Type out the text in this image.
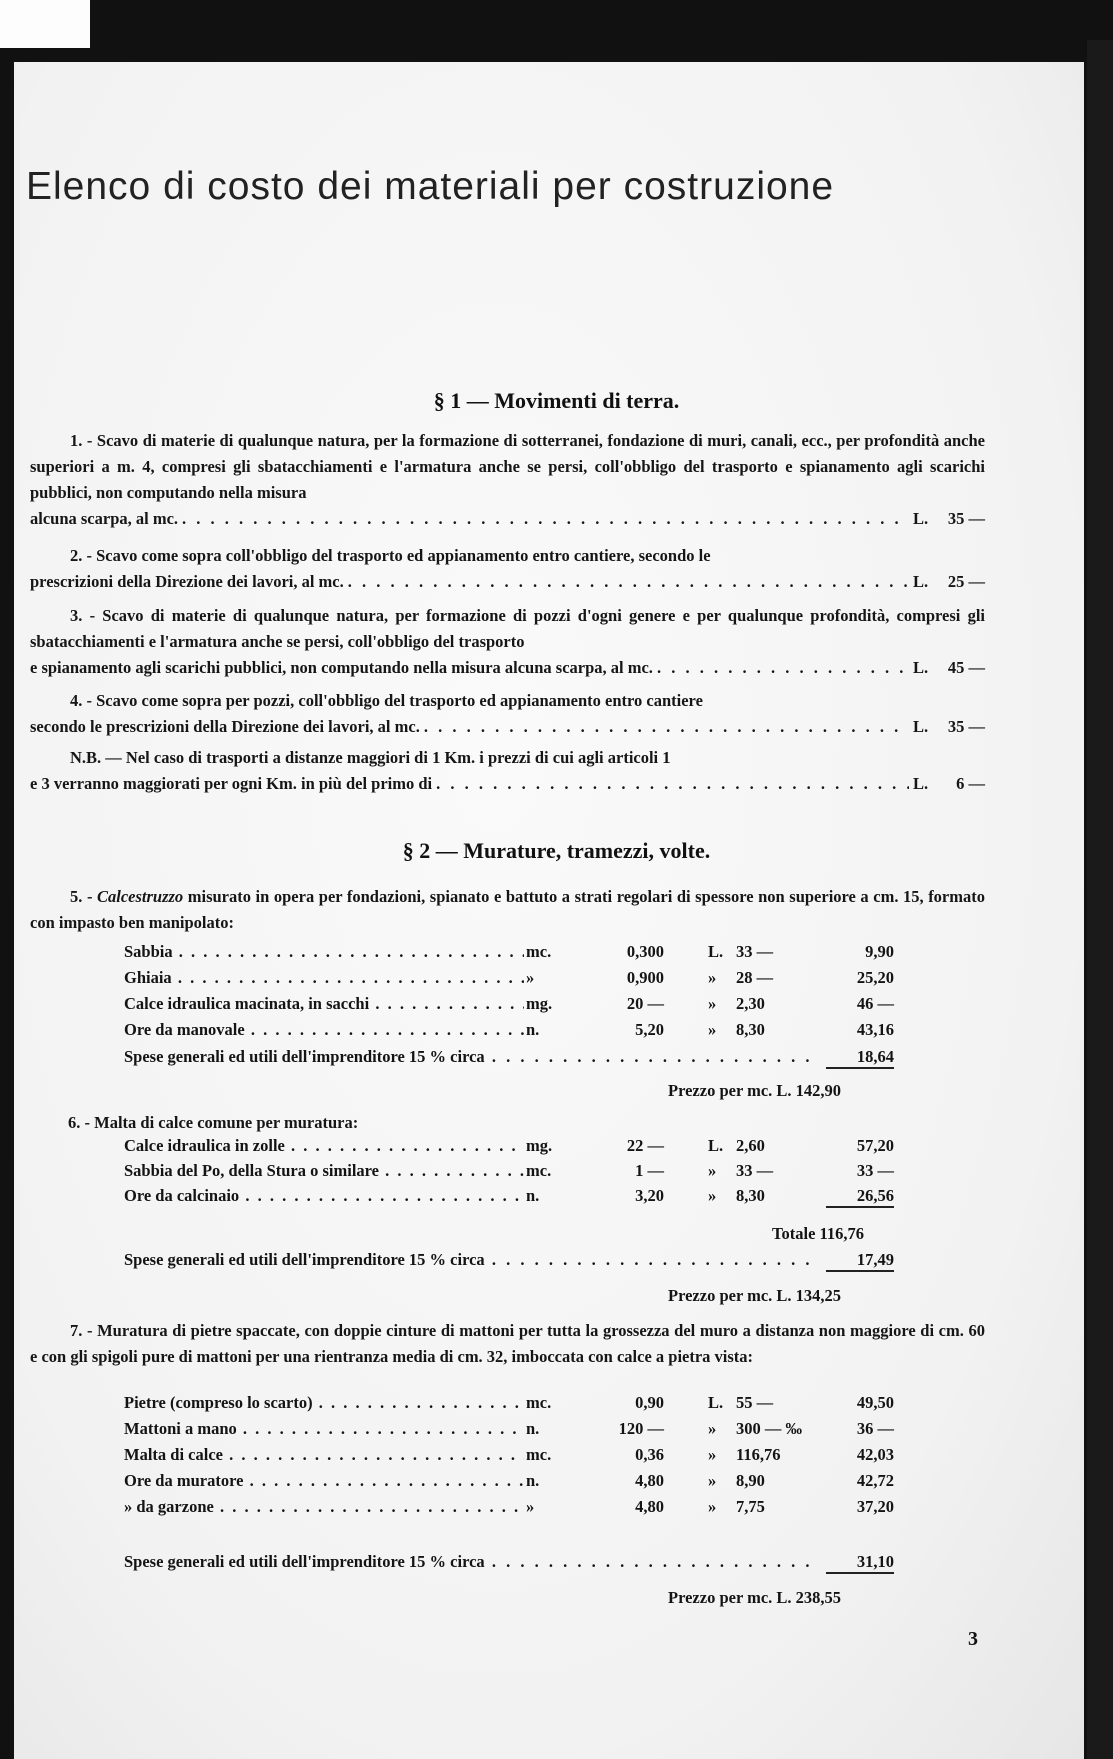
Elenco di costo dei materiali per costruzione
§ 1 — Movimenti di terra.
1. - Scavo di materie di qualunque natura, per la formazione di sotterranei, fondazione di muri, canali, ecc., per profondità anche superiori a m. 4, compresi gli sbatacchiamenti e l'armatura anche se persi, coll'obbligo del trasporto e spianamento agli scarichi pubblici, non computando nella misura
alcuna scarpa, al mc. . . .	L.	35 —
2. - Scavo come sopra coll'obbligo del trasporto ed appianamento entro cantiere, secondo le
prescrizioni della Direzione dei lavori, al mc. . . .	L.	25 —
3. - Scavo di materie di qualunque natura, per formazione di pozzi d'ogni genere e per qualunque profondità, compresi gli sbatacchiamenti e l'armatura anche se persi, coll'obbligo del trasporto
e spianamento agli scarichi pubblici, non computando nella misura alcuna scarpa, al mc. . . .	L.	45 —
4. - Scavo come sopra per pozzi, coll'obbligo del trasporto ed appianamento entro cantiere
secondo le prescrizioni della Direzione dei lavori, al mc. . . .	L.	35 —
N.B. — Nel caso di trasporti a distanze maggiori di 1 Km. i prezzi di cui agli articoli 1
e 3 verranno maggiorati per ogni Km. in più del primo di . . .	L.	6 —
§ 2 — Murature, tramezzi, volte.
5. - Calcestruzzo misurato in opera per fondazioni, spianato e battuto a strati regolari di spessore non superiore a cm. 15, formato con impasto ben manipolato:
Sabbia . . .	mc.	0,300	L. 33 —	9,90
Ghiaia . . .	»	0,900	»	28 —	25,20
Calce idraulica macinata, in sacchi . . .	mg.	20 —	»	2,30	46 —
Ore da manovale . . .	n.	5,20	»	8,30	43,16
Spese generali ed utili dell'imprenditore 15 % circa . . .	18,64
Prezzo per mc. L. 142,90
6. - Malta di calce comune per muratura:
Calce idraulica in zolle . . .	mg.	22 —	L. 2,60	57,20
Sabbia del Po, della Stura o similare . . .	mc.	1 —	»	33 —	33 —
Ore da calcinaio . . .	n.	3,20	»	8,30	26,56
Totale 116,76
Spese generali ed utili dell'imprenditore 15 % circa . . .	17,49
Prezzo per mc. L. 134,25
7. - Muratura di pietre spaccate, con doppie cinture di mattoni per tutta la grossezza del muro a distanza non maggiore di cm. 60 e con gli spigoli pure di mattoni per una rientranza media di cm. 32, imboccata con calce a pietra vista:
Pietre (compreso lo scarto) . . .	mc.	0,90	L. 55 —	49,50
Mattoni a mano . . .	n.	120 —	»	300 — ‰	36 —
Malta di calce . . .	mc.	0,36	»	116,76	42,03
Ore da muratore . . .	n.	4,80	»	8,90	42,72
» da garzone . . .	»	4,80	»	7,75	37,20
Spese generali ed utili dell'imprenditore 15 % circa . . .	31,10
Prezzo per mc. L. 238,55
3
